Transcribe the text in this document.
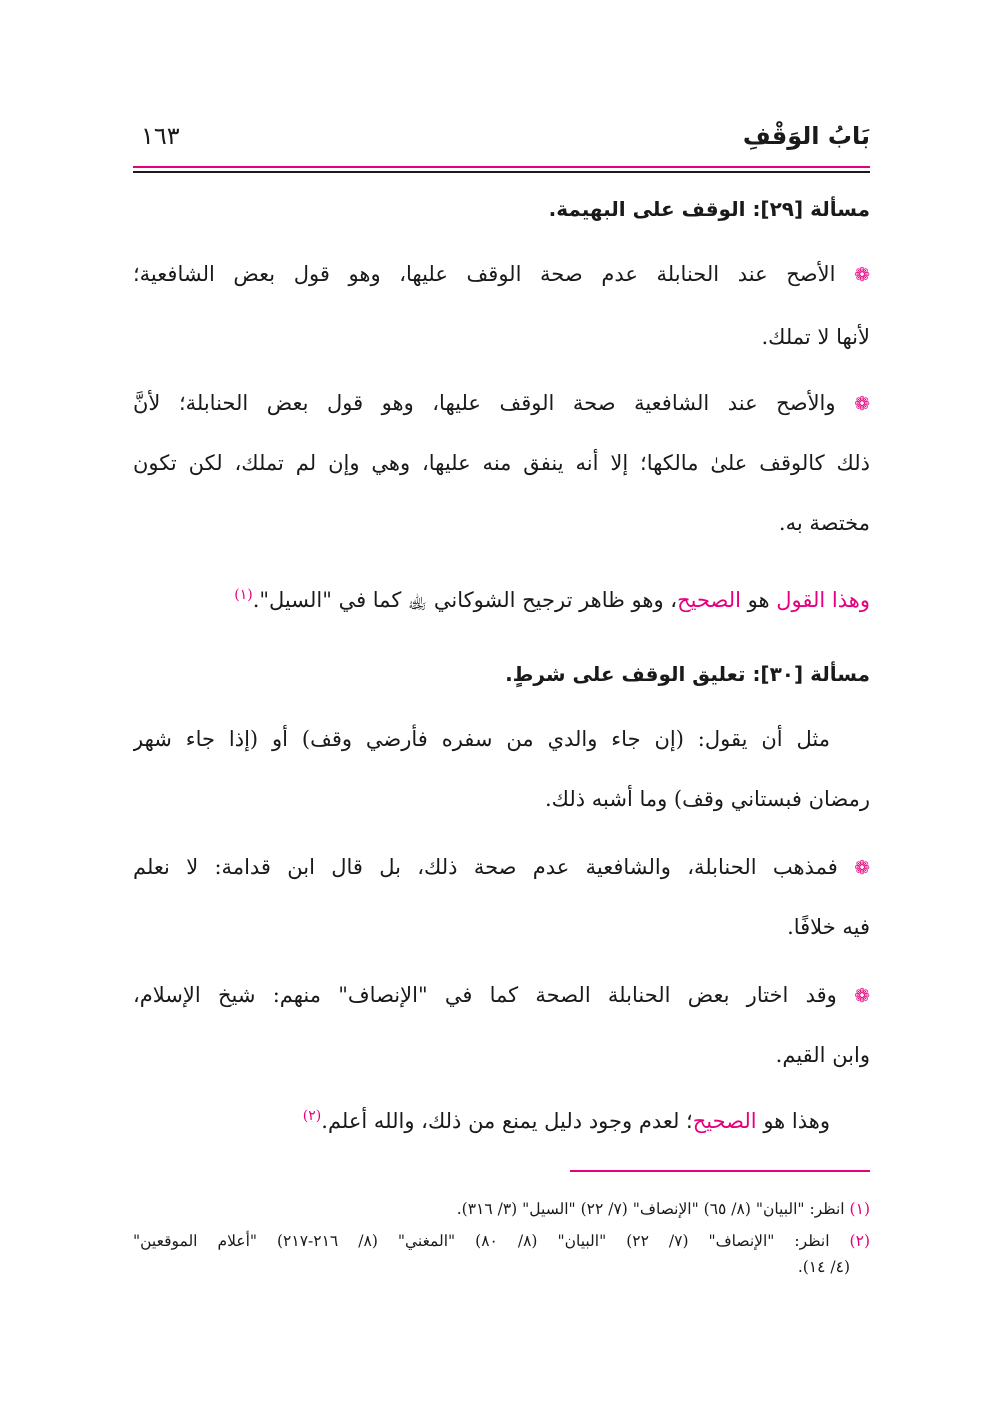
بَابُ الوَقْفِ
١٦٣
مسألة [٢٩]: الوقف على البهيمة.
❁ الأصح عند الحنابلة عدم صحة الوقف عليها، وهو قول بعض الشافعية؛
لأنها لا تملك.
❁ والأصح عند الشافعية صحة الوقف عليها، وهو قول بعض الحنابلة؛ لأنَّ
ذلك كالوقف علىٰ مالكها؛ إلا أنه ينفق منه عليها، وهي وإن لم تملك، لكن تكون
مختصة به.
وهذا القول هو الصحيح، وهو ظاهر ترجيح الشوكاني ﵀ كما في "السيل".$^{(١)}$
مسألة [٣٠]: تعليق الوقف على شرطٍ.
مثل أن يقول: (إن جاء والدي من سفره فأرضي وقف) أو (إذا جاء شهر
رمضان فبستاني وقف) وما أشبه ذلك.
❁ فمذهب الحنابلة، والشافعية عدم صحة ذلك، بل قال ابن قدامة: لا نعلم
فيه خلافًا.
❁ وقد اختار بعض الحنابلة الصحة كما في "الإنصاف" منهم: شيخ الإسلام،
وابن القيم.
وهذا هو الصحيح؛ لعدم وجود دليل يمنع من ذلك، والله أعلم.$^{(٢)}$
(١) انظر: "البيان" (٨/ ٦٥) "الإنصاف" (٧/ ٢٢) "السيل" (٣/ ٣١٦).
(٢) انظر: "الإنصاف" (٧/ ٢٢) "البيان" (٨/ ٨٠) "المغني" (٨/ ٢١٦-٢١٧) "أعلام الموقعين"
(٤/ ١٤).
